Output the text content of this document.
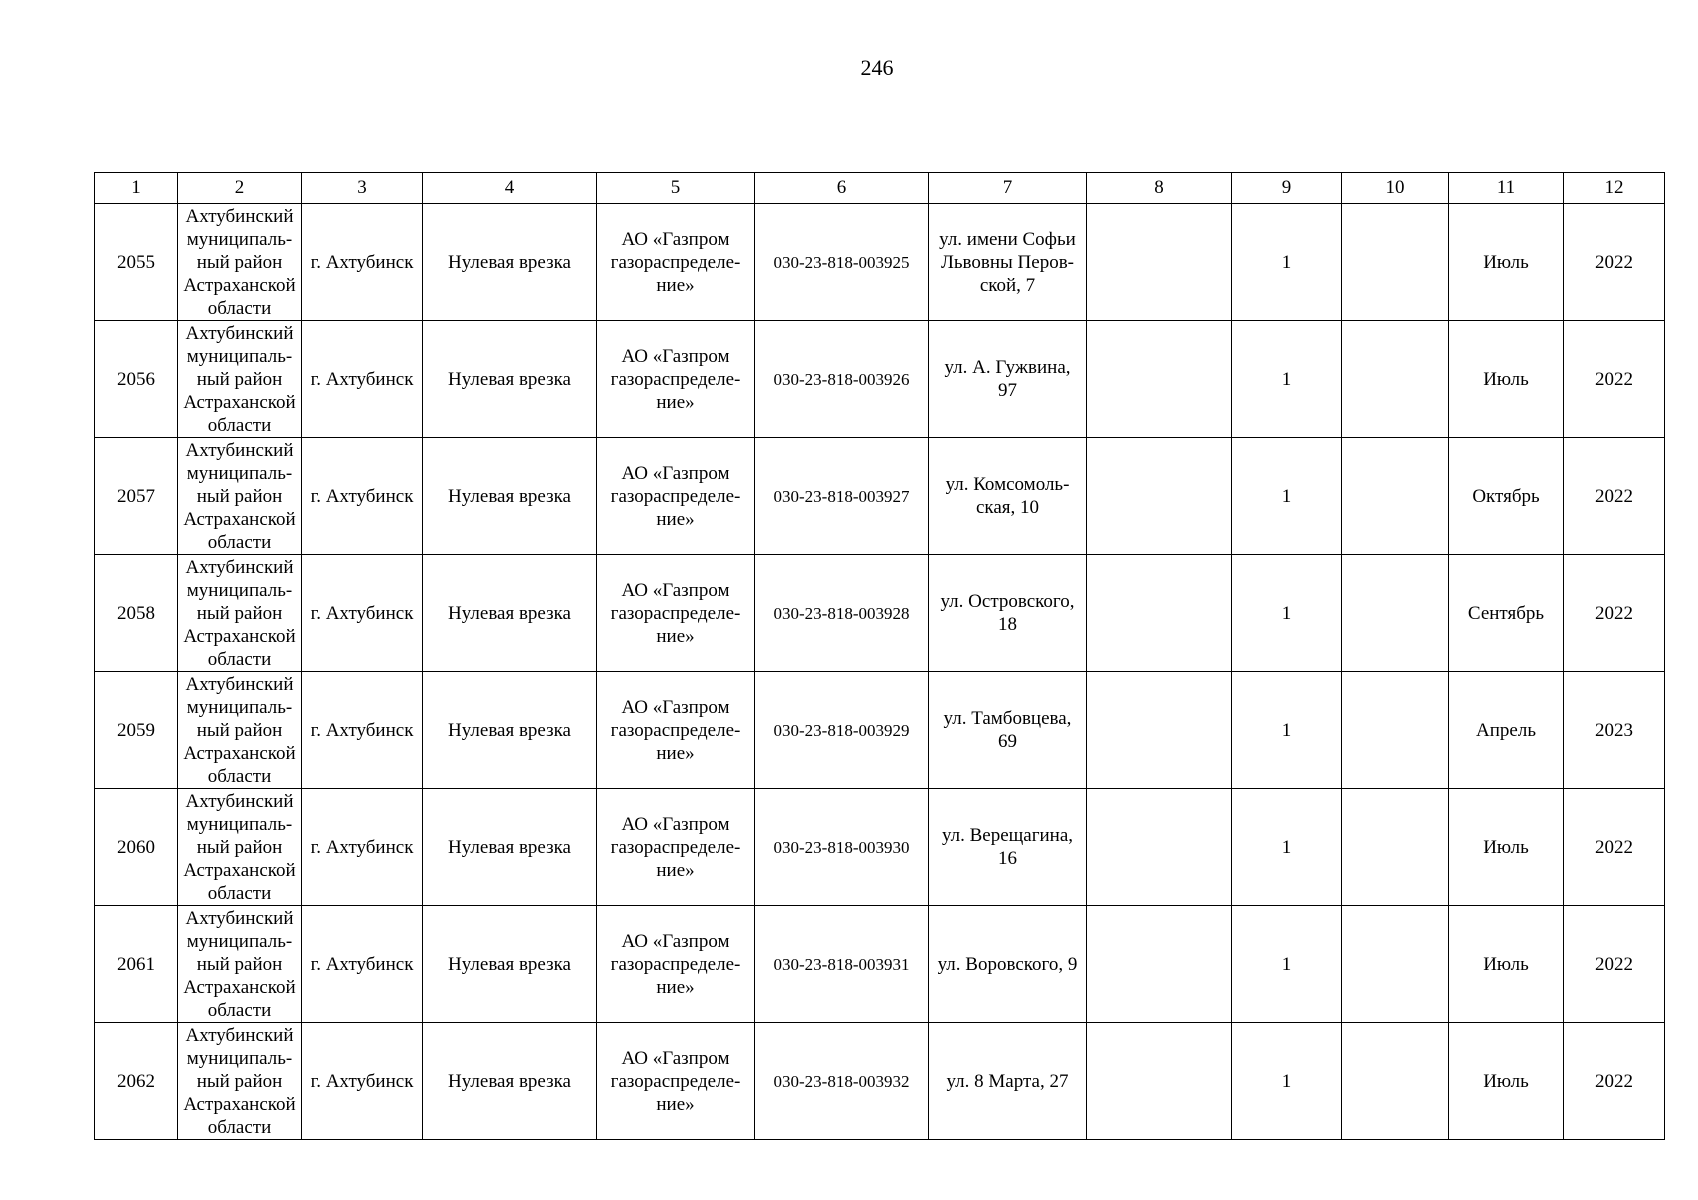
246
1	2	3	4	5	6	7	8	9	10	11	12
2055	Ахтубинский
муниципаль-
ный район
Астраханской
области	г. Ахтубинск	Нулевая врезка	АО «Газпром
газораспределе-
ние»	030-23-818-003925	ул. имени Софьи
Львовны Перов-
ской, 7		1		Июль	2022
2056	Ахтубинский
муниципаль-
ный район
Астраханской
области	г. Ахтубинск	Нулевая врезка	АО «Газпром
газораспределе-
ние»	030-23-818-003926	ул. А. Гужвина,
97		1		Июль	2022
2057	Ахтубинский
муниципаль-
ный район
Астраханской
области	г. Ахтубинск	Нулевая врезка	АО «Газпром
газораспределе-
ние»	030-23-818-003927	ул. Комсомоль-
ская, 10		1		Октябрь	2022
2058	Ахтубинский
муниципаль-
ный район
Астраханской
области	г. Ахтубинск	Нулевая врезка	АО «Газпром
газораспределе-
ние»	030-23-818-003928	ул. Островского,
18		1		Сентябрь	2022
2059	Ахтубинский
муниципаль-
ный район
Астраханской
области	г. Ахтубинск	Нулевая врезка	АО «Газпром
газораспределе-
ние»	030-23-818-003929	ул. Тамбовцева,
69		1		Апрель	2023
2060	Ахтубинский
муниципаль-
ный район
Астраханской
области	г. Ахтубинск	Нулевая врезка	АО «Газпром
газораспределе-
ние»	030-23-818-003930	ул. Верещагина,
16		1		Июль	2022
2061	Ахтубинский
муниципаль-
ный район
Астраханской
области	г. Ахтубинск	Нулевая врезка	АО «Газпром
газораспределе-
ние»	030-23-818-003931	ул. Воровского, 9		1		Июль	2022
2062	Ахтубинский
муниципаль-
ный район
Астраханской
области	г. Ахтубинск	Нулевая врезка	АО «Газпром
газораспределе-
ние»	030-23-818-003932	ул. 8 Марта, 27		1		Июль	2022
